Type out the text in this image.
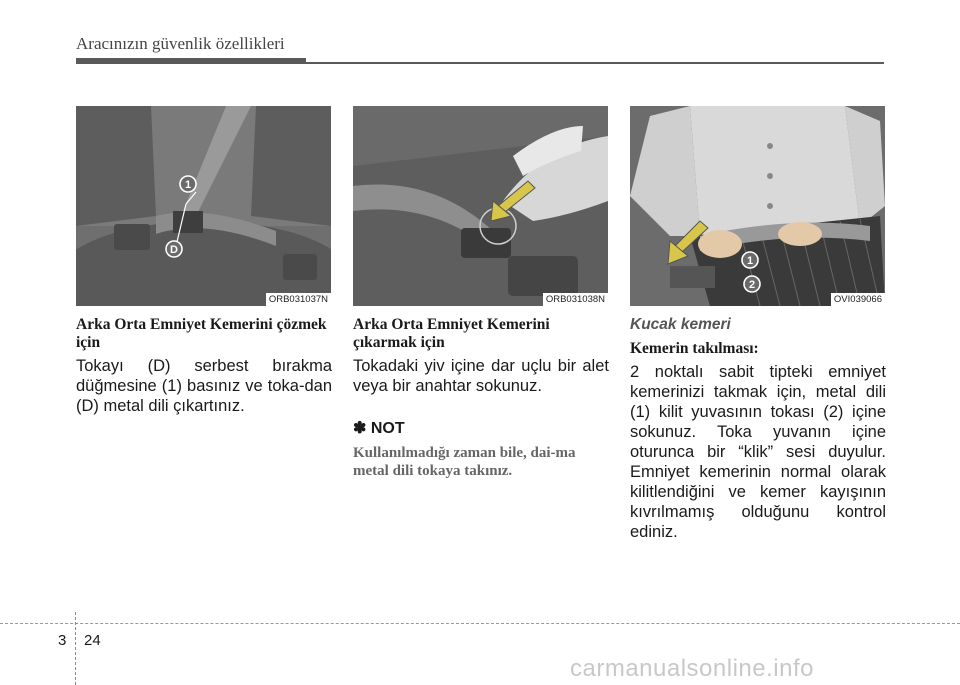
Aracınızın güvenlik özellikleri
1
D
ORB031037N	ORB031038N
1
2
OVI039066

Arka Orta Emniyet Kemerini çözmek için

Tokayı (D) serbest bırakma düğmesine (1) basınız ve toka-dan (D) metal dili çıkartınız.

Arka Orta Emniyet Kemerini çıkarmak için

Tokadaki yiv içine dar uçlu bir alet veya bir anahtar sokunuz.

✽ NOT

Kullanılmadığı zaman bile, dai-ma metal dili tokaya takınız.

Kucak kemeri

Kemerin takılması:

2 noktalı sabit tipteki emniyet kemerinizi takmak için, metal dili (1) kilit yuvasının tokası (2) içine sokunuz. Toka yuvanın içine oturunca bir “klik” sesi duyulur. Emniyet kemerinin normal olarak kilitlendiğini ve kemer kayışının kıvrılmamış olduğunu kontrol ediniz.

3 24
carmanualsonline.info
